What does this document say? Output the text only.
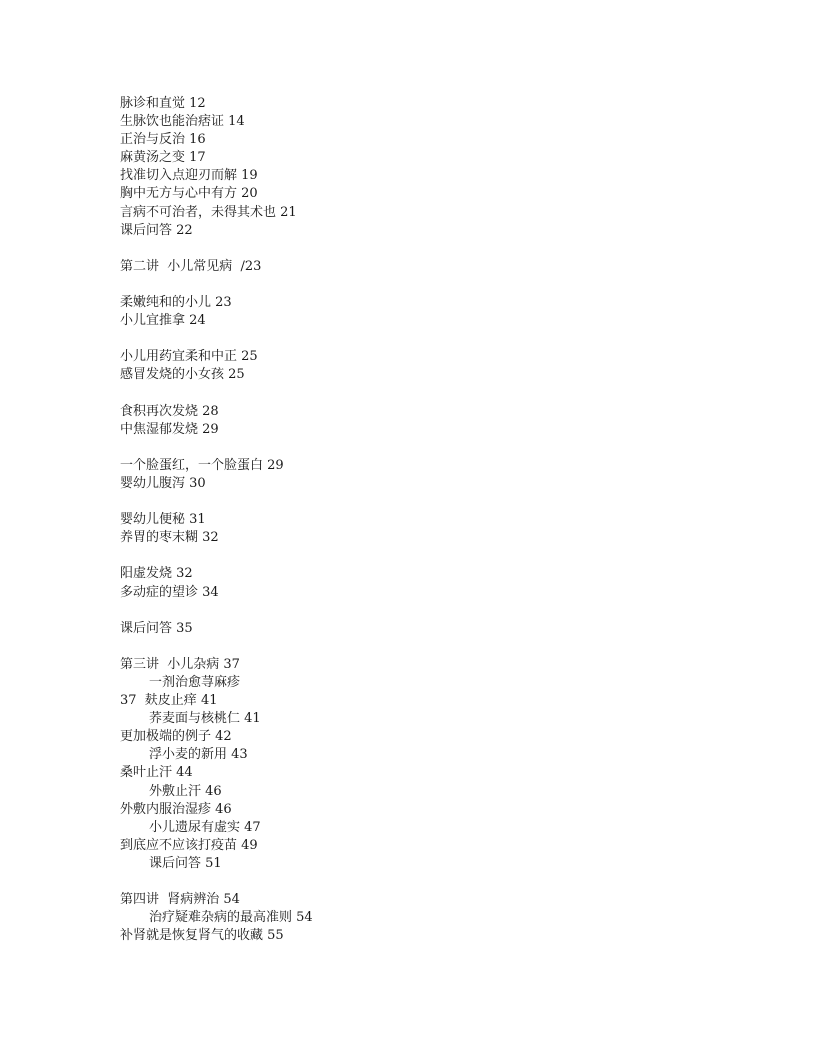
脉诊和直觉 12
生脉饮也能治痞证 14
正治与反治 16
麻黄汤之变 17
找准切入点迎刃而解 19
胸中无方与心中有方 20
言病不可治者，未得其术也 21
课后问答 22
第二讲  小儿常见病  /23
柔嫩纯和的小儿 23
小儿宜推拿 24
小儿用药宜柔和中正 25
感冒发烧的小女孩 25
食积再次发烧 28
中焦湿郁发烧 29
一个脸蛋红，一个脸蛋白 29
婴幼儿腹泻 30
婴幼儿便秘 31
养胃的枣末糊 32
阳虚发烧 32
多动症的望诊 34
课后问答 35
第三讲  小儿杂病 37
一剂治愈荨麻疹
37  麸皮止痒 41
荞麦面与核桃仁 41
更加极端的例子 42
浮小麦的新用 43
桑叶止汗 44
外敷止汗 46
外敷内服治湿疹 46
小儿遗尿有虚实 47
到底应不应该打疫苗 49
课后问答 51
第四讲  肾病辨治 54
治疗疑难杂病的最高准则 54
补肾就是恢复肾气的收藏 55
